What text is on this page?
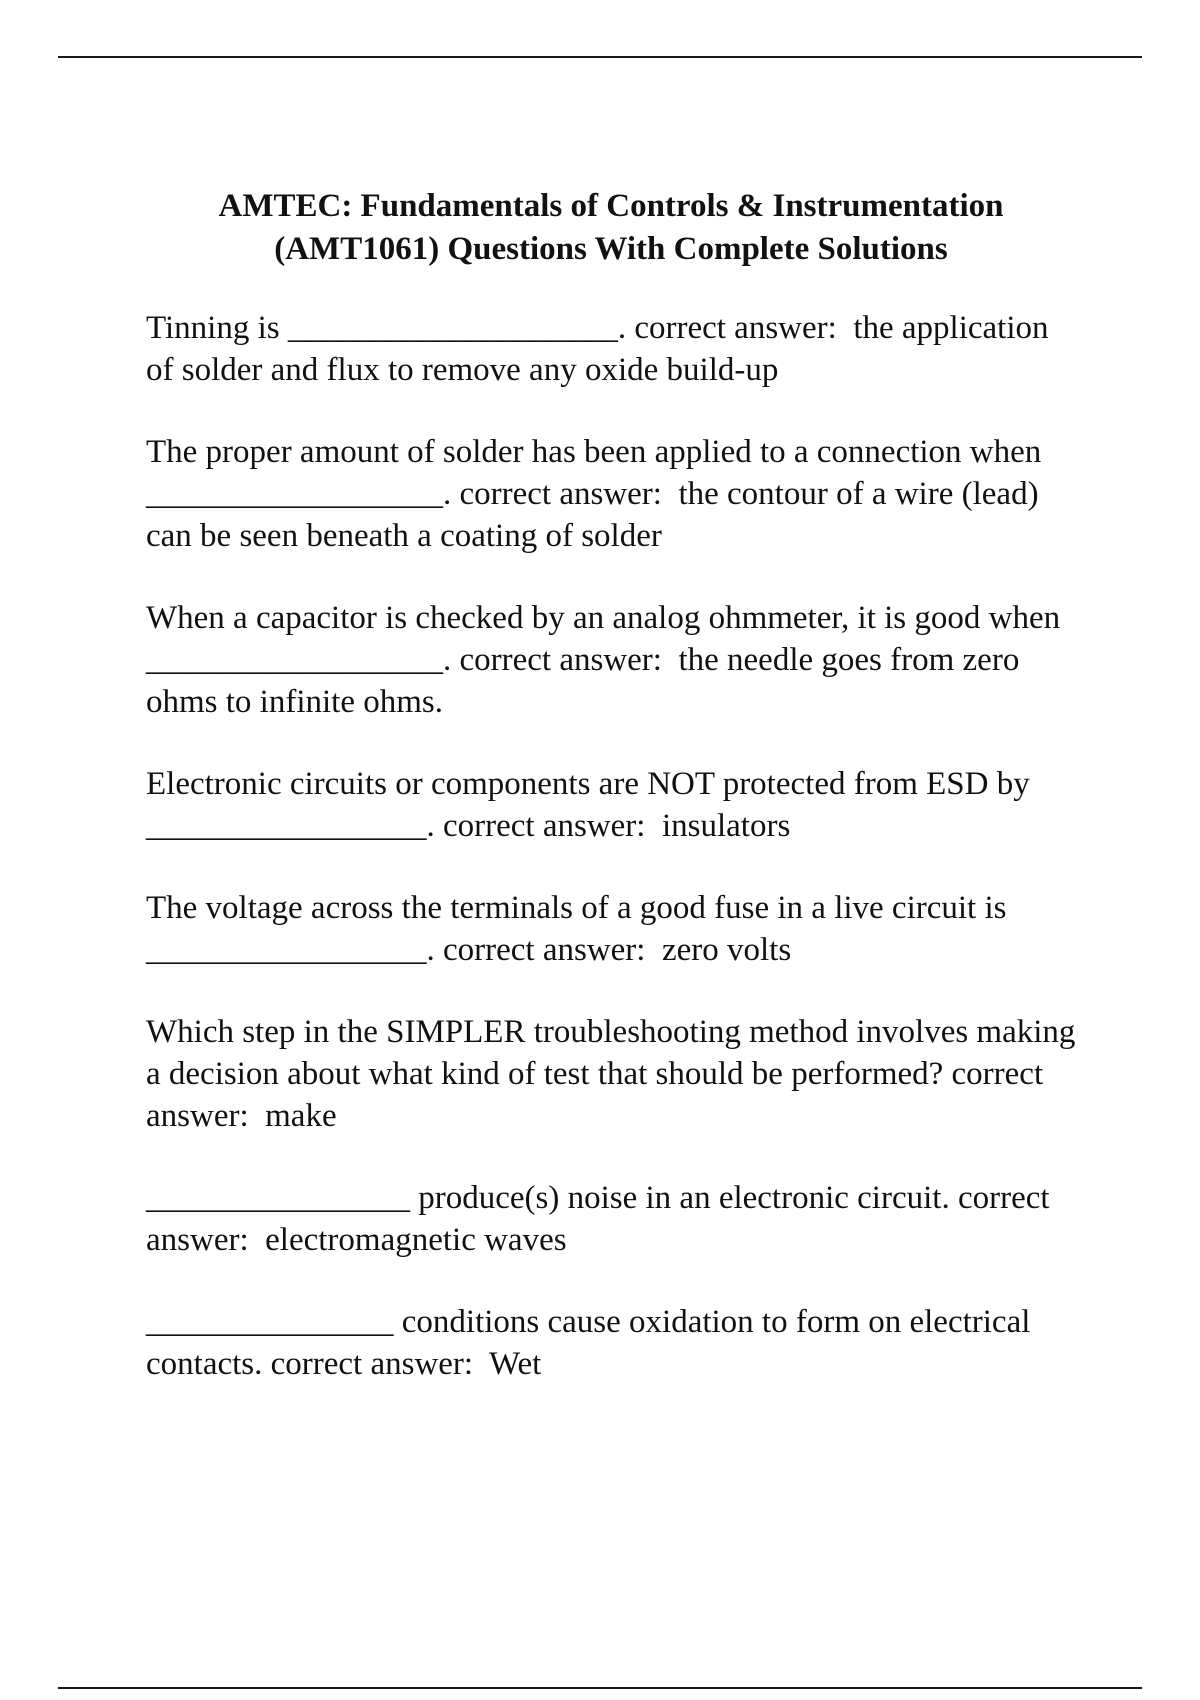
AMTEC: Fundamentals of Controls & Instrumentation
(AMT1061) Questions With Complete Solutions

Tinning is ____________________. correct answer: the application of solder and flux to remove any oxide build-up

The proper amount of solder has been applied to a connection when __________________. correct answer: the contour of a wire (lead) can be seen beneath a coating of solder

When a capacitor is checked by an analog ohmmeter, it is good when __________________. correct answer: the needle goes from zero ohms to infinite ohms.

Electronic circuits or components are NOT protected from ESD by _________________. correct answer: insulators

The voltage across the terminals of a good fuse in a live circuit is _________________. correct answer: zero volts

Which step in the SIMPLER troubleshooting method involves making a decision about what kind of test that should be performed? correct answer: make

________________ produce(s) noise in an electronic circuit. correct answer: electromagnetic waves

_______________ conditions cause oxidation to form on electrical contacts. correct answer: Wet
